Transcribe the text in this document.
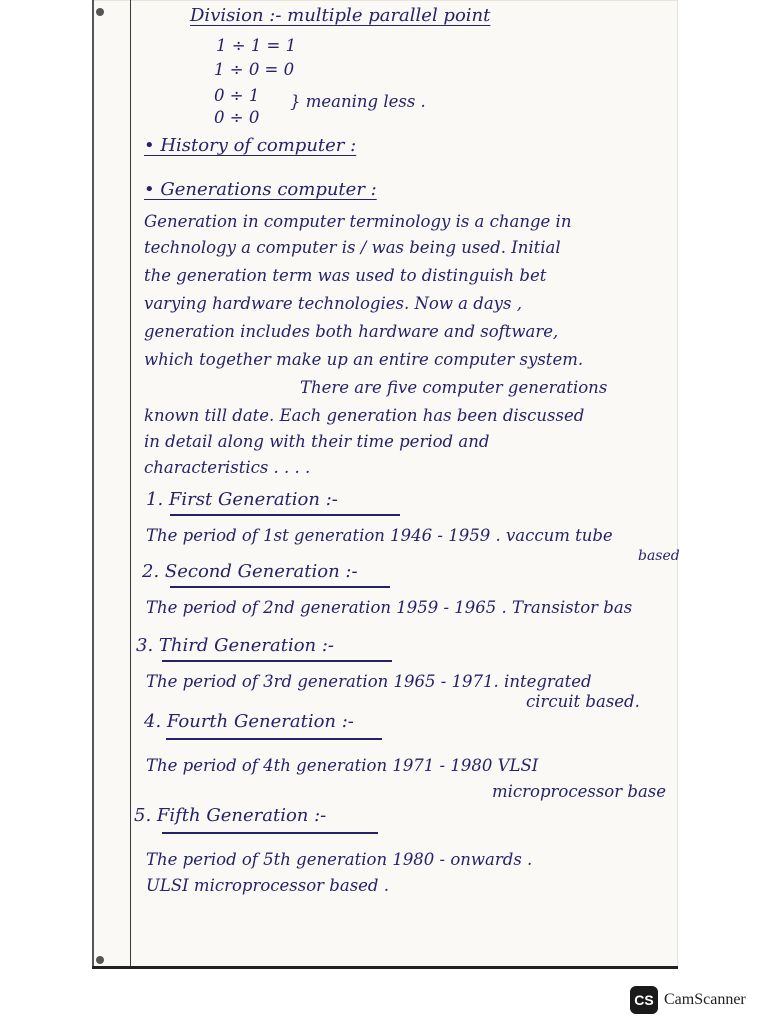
Division :- multiple parallel point
1 ÷ 1 = 1
1 ÷ 0 = 0
0 ÷ 1
0 ÷ 0
} meaning less .
• History of computer :
• Generations computer :
Generation in computer terminology is a change in
technology a computer is / was being used. Initial
the generation term was used to distinguish bet
varying hardware technologies. Now a days ,
generation includes both hardware and software,
which together make up an entire computer system.
There are five computer generations
known till date. Each generation has been discussed
in detail along with their time period and
characteristics . . . .
1. First Generation :-
The period of 1st generation 1946 - 1959 . vaccum tube
based
2. Second Generation :-
The period of 2nd generation 1959 - 1965 . Transistor bas
3. Third Generation :-
The period of 3rd generation 1965 - 1971. integrated
circuit based.
4. Fourth Generation :-
The period of 4th generation 1971 - 1980 VLSI
microprocessor base
5. Fifth Generation :-
The period of 5th generation 1980 - onwards .
ULSI microprocessor based .
CS CamScanner
